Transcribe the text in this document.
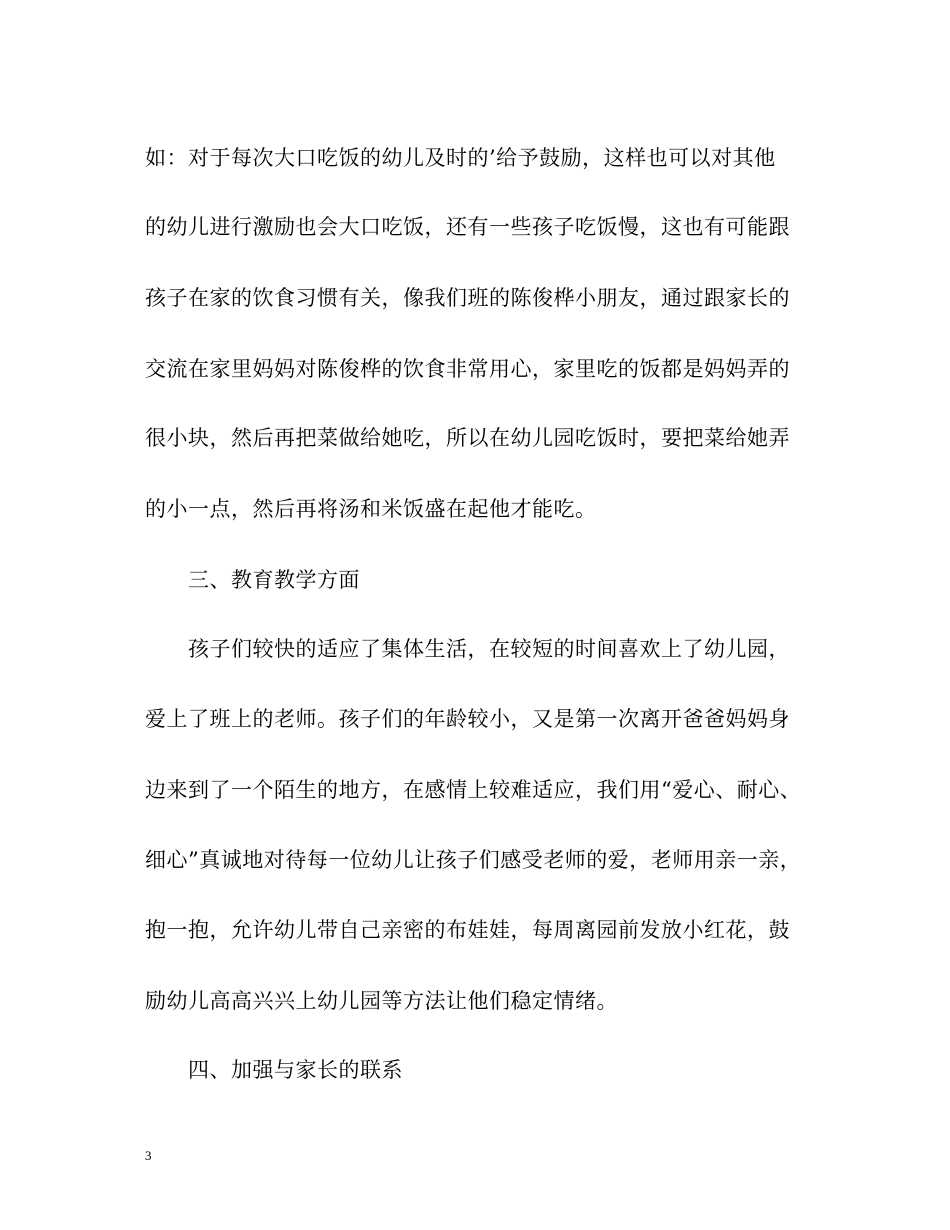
如：对于每次大口吃饭的幼儿及时的’给予鼓励，这样也可以对其他
的幼儿进行激励也会大口吃饭，还有一些孩子吃饭慢，这也有可能跟
孩子在家的饮食习惯有关，像我们班的陈俊桦小朋友，通过跟家长的
交流在家里妈妈对陈俊桦的饮食非常用心，家里吃的饭都是妈妈弄的
很小块，然后再把菜做给她吃，所以在幼儿园吃饭时，要把菜给她弄
的小一点，然后再将汤和米饭盛在起他才能吃。
三、教育教学方面
孩子们较快的适应了集体生活，在较短的时间喜欢上了幼儿园，
爱上了班上的老师。孩子们的年龄较小，又是第一次离开爸爸妈妈身
边来到了一个陌生的地方，在感情上较难适应，我们用“爱心、耐心、
细心”真诚地对待每一位幼儿让孩子们感受老师的爱，老师用亲一亲，
抱一抱，允许幼儿带自己亲密的布娃娃，每周离园前发放小红花，鼓
励幼儿高高兴兴上幼儿园等方法让他们稳定情绪。
四、加强与家长的联系
3
